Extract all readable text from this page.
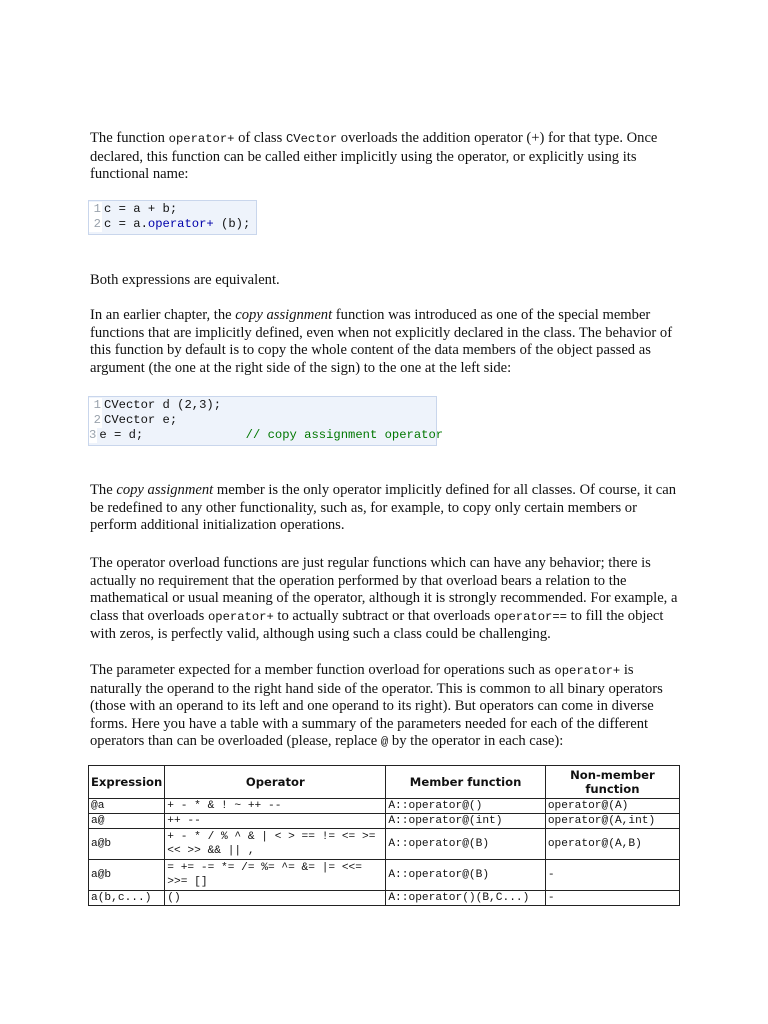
The function operator+ of class CVector overloads the addition operator (+) for that type. Once declared, this function can be called either implicitly using the operator, or explicitly using its functional name:

1 c = a + b;
2 c = a.operator+ (b);

Both expressions are equivalent.

In an earlier chapter, the copy assignment function was introduced as one of the special member functions that are implicitly defined, even when not explicitly declared in the class. The behavior of this function by default is to copy the whole content of the data members of the object passed as argument (the one at the right side of the sign) to the one at the left side:

1 CVector d (2,3);
2 CVector e;
3 e = d;	// copy assignment operator

The copy assignment member is the only operator implicitly defined for all classes. Of course, it can be redefined to any other functionality, such as, for example, to copy only certain members or perform additional initialization operations.

The operator overload functions are just regular functions which can have any behavior; there is actually no requirement that the operation performed by that overload bears a relation to the mathematical or usual meaning of the operator, although it is strongly recommended. For example, a class that overloads operator+ to actually subtract or that overloads operator== to fill the object with zeros, is perfectly valid, although using such a class could be challenging.

The parameter expected for a member function overload for operations such as operator+ is naturally the operand to the right hand side of the operator. This is common to all binary operators (those with an operand to its left and one operand to its right). But operators can come in diverse forms. Here you have a table with a summary of the parameters needed for each of the different operators than can be overloaded (please, replace @ by the operator in each case):

Expression	Operator	Member function	Non-member function
@a	+ - * & ! ~ ++ --	A::operator@()	operator@(A)
a@	++ --	A::operator@(int)	operator@(A,int)
a@b	+ - * / % ^ & | < > == != <= >= << >> && || ,	A::operator@(B)	operator@(A,B)
a@b	= += -= *= /= %= ^= &= |= <<= >>= []	A::operator@(B)	-
a(b,c...)	()	A::operator()(B,C...)	-
